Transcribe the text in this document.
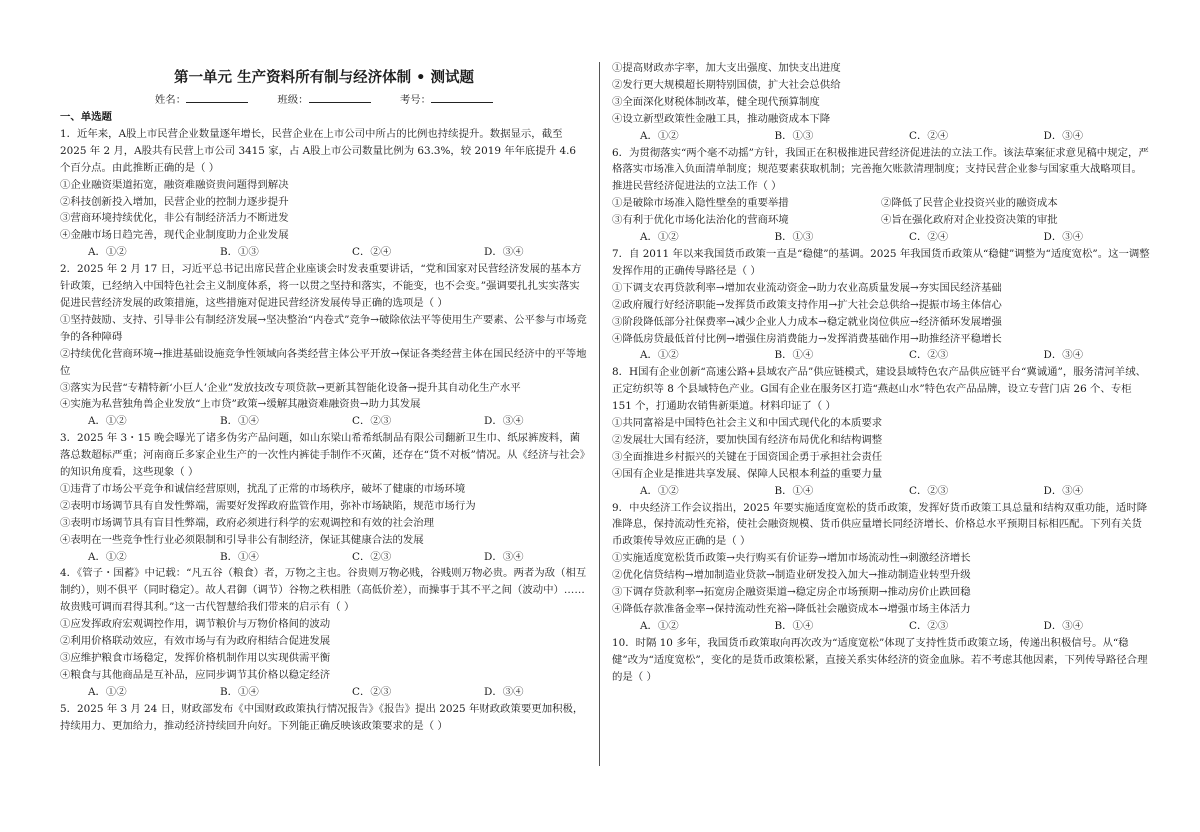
第一单元 生产资料所有制与经济体制 • 测试题
姓名：	班级：	考号：
一、单选题

1．近年来，A股上市民营企业数量逐年增长，民营企业在上市公司中所占的比例也持续提升。数据显示，截至 2025 年 2 月，A股共有民营上市公司 3415 家，占 A股上市公司数量比例为 63.3%，较 2019 年年底提升 4.6 个百分点。由此推断正确的是（ ）

①企业融资渠道拓宽，融资难融资贵问题得到解决

②科技创新投入增加，民营企业的控制力逐步提升

③营商环境持续优化，非公有制经济活力不断迸发

④金融市场日趋完善，现代企业制度助力企业发展

A．①②	B．①③	C．②④	D．③④

2．2025 年 2 月 17 日，习近平总书记出席民营企业座谈会时发表重要讲话，“党和国家对民营经济发展的基本方针政策，已经纳入中国特色社会主义制度体系，将一以贯之坚持和落实，不能变，也不会变。”强调要扎扎实实落实促进民营经济发展的政策措施，这些措施对促进民营经济发展传导正确的选项是（ ）

①坚持鼓励、支持、引导非公有制经济发展→坚决整治“内卷式”竞争→破除依法平等使用生产要素、公平参与市场竞争的各种障碍

②持续优化营商环境→推进基础设施竞争性领域向各类经营主体公平开放→保证各类经营主体在国民经济中的平等地位

③落实为民营“专精特新‘小巨人’企业”发放技改专项贷款→更新其智能化设备→提升其自动化生产水平

④实施为私营独角兽企业发放“上市贷”政策→缓解其融资难融资贵→助力其发展

A．①②	B．①④	C．②③	D．③④

3．2025 年 3・15 晚会曝光了诸多伪劣产品问题，如山东梁山希希纸制品有限公司翻新卫生巾、纸尿裤废料，菌落总数超标严重；河南商丘多家企业生产的一次性内裤徒手制作不灭菌，还存在“货不对板”情况。从《经济与社会》的知识角度看，这些现象（ ）

①违背了市场公平竞争和诚信经营原则，扰乱了正常的市场秩序，破坏了健康的市场环境

②表明市场调节具有自发性弊端，需要好发挥政府监管作用，弥补市场缺陷，规范市场行为

③表明市场调节具有盲目性弊端，政府必须进行科学的宏观调控和有效的社会治理

④表明在一些竞争性行业必须限制和引导非公有制经济，保证其健康合法的发展

A．①②	B．①④	C．②③	D．③④

4．《管子・国蓄》中记载：“凡五谷（粮食）者，万物之主也。谷贵则万物必贱，谷贱则万物必贵。两者为敌（相互制约），则不俱平（同时稳定）。故人君御（调节）谷物之秩相胜（高低价差），而操事于其不平之间（波动中）……故贵贱可调而君得其利。”这一古代智慧给我们带来的启示有（ ）

①应发挥政府宏观调控作用，调节粮价与万物价格间的波动

②利用价格联动效应，有效市场与有为政府相结合促进发展

③应维护粮食市场稳定，发挥价格机制作用以实现供需平衡

④粮食与其他商品是互补品，应同步调节其价格以稳定经济

A．①②	B．①④	C．②③	D．③④

5．2025 年 3 月 24 日，财政部发布《中国财政政策执行情况报告》《报告》提出 2025 年财政政策要更加积极，持续用力、更加给力，推动经济持续回升向好。下列能正确反映该政策要求的是（ ）

①提高财政赤字率，加大支出强度、加快支出进度

②发行更大规模超长期特别国债，扩大社会总供给

③全面深化财税体制改革，健全现代预算制度

④设立新型政策性金融工具，推动融资成本下降

A．①②	B．①③	C．②④	D．③④

6．为贯彻落实“两个毫不动摇”方针，我国正在积极推进民营经济促进法的立法工作。该法草案征求意见稿中规定，严格落实市场准入负面清单制度；规范要素获取机制；完善拖欠账款清理制度；支持民营企业参与国家重大战略项目。推进民营经济促进法的立法工作（ ）

①是破除市场准入隐性壁垒的重要举措	②降低了民营企业投资兴业的融资成本
③有利于优化市场化法治化的营商环境	④旨在强化政府对企业投资决策的审批
A．①②	B．①③	C．②④	D．③④

7．自 2011 年以来我国货币政策一直是“稳健”的基调。2025 年我国货币政策从“稳健”调整为“适度宽松”。这一调整发挥作用的正确传导路径是（ ）

①下调支农再贷款利率→增加农业流动资金→助力农业高质量发展→夯实国民经济基础

②政府履行好经济职能→发挥货币政策支持作用→扩大社会总供给→提振市场主体信心

③阶段降低部分社保费率→减少企业人力成本→稳定就业岗位供应→经济循环发展增强

④降低房贷最低首付比例→增强住房消费能力→发挥消费基础作用→助推经济平稳增长

A．①②	B．①④	C．②③	D．③④

8．H国有企业创新“高速公路+县域农产品”供应链模式，建设县域特色农产品供应链平台“冀诚通”，服务清河羊绒、正定纺织等 8 个县域特色产业。G国有企业在服务区打造“燕赵山水”特色农产品品牌，设立专营门店 26 个、专柜 151 个，打通助农销售新渠道。材料印证了（ ）

①共同富裕是中国特色社会主义和中国式现代化的本质要求

②发展壮大国有经济，要加快国有经济布局优化和结构调整

③全面推进乡村振兴的关键在于国资国企勇于承担社会责任

④国有企业是推进共享发展、保障人民根本利益的重要力量

A．①②	B．①④	C．②③	D．③④

9．中央经济工作会议指出，2025 年要实施适度宽松的货币政策，发挥好货币政策工具总量和结构双重功能，适时降准降息，保持流动性充裕，使社会融资规模、货币供应量增长同经济增长、价格总水平预期目标相匹配。下列有关货币政策传导效应正确的是（ ）

①实施适度宽松货币政策→央行购买有价证券→增加市场流动性→刺激经济增长

②优化信贷结构→增加制造业贷款→制造业研发投入加大→推动制造业转型升级

③下调存贷款利率→拓宽房企融资渠道→稳定房企市场预期→推动房价止跌回稳

④降低存款准备金率→保持流动性充裕→降低社会融资成本→增强市场主体活力

A．①②	B．①④	C．②③	D．③④

10．时隔 10 多年，我国货币政策取向再次改为“适度宽松”体现了支持性货币政策立场，传递出积极信号。从“稳健”改为“适度宽松”，变化的是货币政策松紧，直接关系实体经济的资金血脉。若不考虑其他因素，下列传导路径合理的是（ ）
